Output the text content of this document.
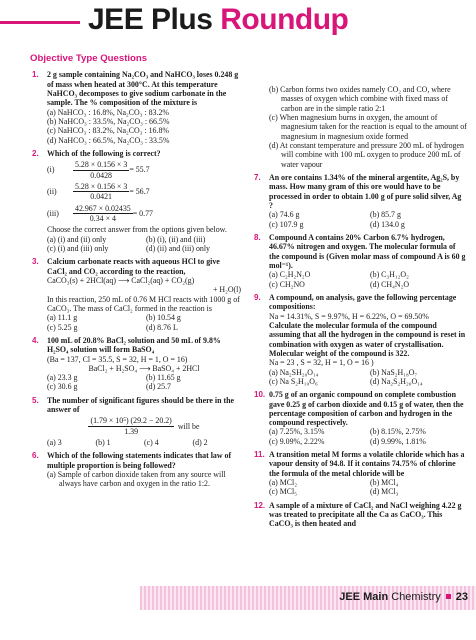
JEE Plus Roundup
Objective Type Questions
1. 2 g sample containing Na₂CO₃ and NaHCO₃ loses 0.248 g of mass when heated at 300°C. At this temperature NaHCO₃ decomposes to give sodium carbonate in the sample. The % composition of the mixture is
(a) NaHCO₃ : 16.8%, Na₂CO₃ : 83.2%
(b) NaHCO₃ : 33.5%, Na₂CO₃ : 66.5%
(c) NaHCO₃ : 83.2%, Na₂CO₃ : 16.8%
(d) NaHCO₃ : 66.5%, Na₂CO₃ : 33.5%
2. Which of the following is correct?
(i)	$\frac{5.28 \times 0.156 \times 3}{0.0428} = 55.7$
(ii)	$\frac{5.28 \times 0.156 \times 3}{0.0421} = 56.7$
(iii)	$\frac{42.967 \times 0.02435}{0.34 \times 4} = 0.77$
Choose the correct answer from the options given below.
(a) (i) and (ii) only	(b) (i), (ii) and (iii)
(c) (i) and (iii) only	(d) (ii) and (iii) only
3. Calcium carbonate reacts with aqueous HCl to give CaCl₂ and CO₂ according to the reaction,
CaCO₃(s) + 2HCl(aq) ⟶ CaCl₂(aq) + CO₂(g)
+ H₂O(l)
In this reaction, 250 mL of 0.76 M HCl reacts with 1000 g of CaCO₃. The mass of CaCl₂ formed in the reaction is
(a) 11.1 g	(b) 10.54 g
(c) 5.25 g	(d) 8.76 L
4. 100 mL of 20.8% BaCl₂ solution and 50 mL of 9.8% H₂SO₄ solution will form BaSO₄
(Ba = 137, Cl = 35.5, S = 32, H = 1, O = 16)
BaCl₂ + H₂SO₄ ⟶ BaSO₄ + 2HCl
(a) 23.3 g	(b) 11.65 g
(c) 30.6 g	(d) 25.7
5. The number of significant figures should be there in the answer of
$\frac{\text{(1.79 × 10⁵) (29.2 − 20.2)}}{1.39}$ will be
(a) 3	(b) 1	(c) 4	(d) 2
6. Which of the following statements indicates that law of multiple proportion is being followed?
(a) Sample of carbon dioxide taken from any source will always have carbon and oxygen in the ratio 1:2.
(b) Carbon forms two oxides namely CO₂ and CO, where masses of oxygen which combine with fixed mass of carbon are in the simple ratio 2:1
(c) When magnesium burns in oxygen, the amount of magnesium taken for the reaction is equal to the amount of magnesium in magnesium oxide formed
(d) At constant temperature and pressure 200 mL of hydrogen will combine with 100 mL oxygen to produce 200 mL of water vapour
7. An ore contains 1.34% of the mineral argentite, Ag₂S, by mass. How many gram of this ore would have to be processed in order to obtain 1.00 g of pure solid silver, Ag ?
(a) 74.6 g	(b) 85.7 g
(c) 107.9 g	(d) 134.0 g
8. Compound A contains 20% Carbon 6.7% hydrogen, 46.67% nitrogen and oxygen. The molecular formula of the compound is (Given molar mass of compound A is 60 g mol⁻¹).
(a) C₂H₂N₂O	(b) C₃H₁₂O₂
(c) CH₂NO	(d) CH₄N₂O
9. A compound, on analysis, gave the following percentage compositions:
Na = 14.31%, S = 9.97%, H = 6.22%, O = 69.50%
Calculate the molecular formula of the compound assuming that all the hydrogen in the compound is reset in combination with oxygen as water of crystallisation. Molecular weight of the compound is 322.
Na = 23 , S = 32, H = 1, O = 16 )
(a) Na₂SH₂₀O₁₄	(b) NaS₂H₁₈O₇
(c) Na S₂H₁₀O₆	(d) Na₂S₂H₂₀O₁₄
10. 0.75 g of an organic compound on complete combustion gave 0.25 g of carbon dioxide and 0.15 g of water, then the percentage composition of carbon and hydrogen in the compound respectively.
(a) 7.25%, 3.15%	(b) 8.15%, 2.75%
(c) 9.09%, 2.22%	(d) 9.99%, 1.81%
11. A transition metal M forms a volatile chloride which has a vapour density of 94.8. If it contains 74.75% of chlorine the formula of the metal chloride will be
(a) MCl₂	(b) MCl₄
(c) MCl₅	(d) MCl₃
12. A sample of a mixture of CaCl₂ and NaCl weighing 4.22 g was treated to precipitate all the Ca as CaCO₃. This CaCO₃ is then heated and
JEE Main Chemistry 23
